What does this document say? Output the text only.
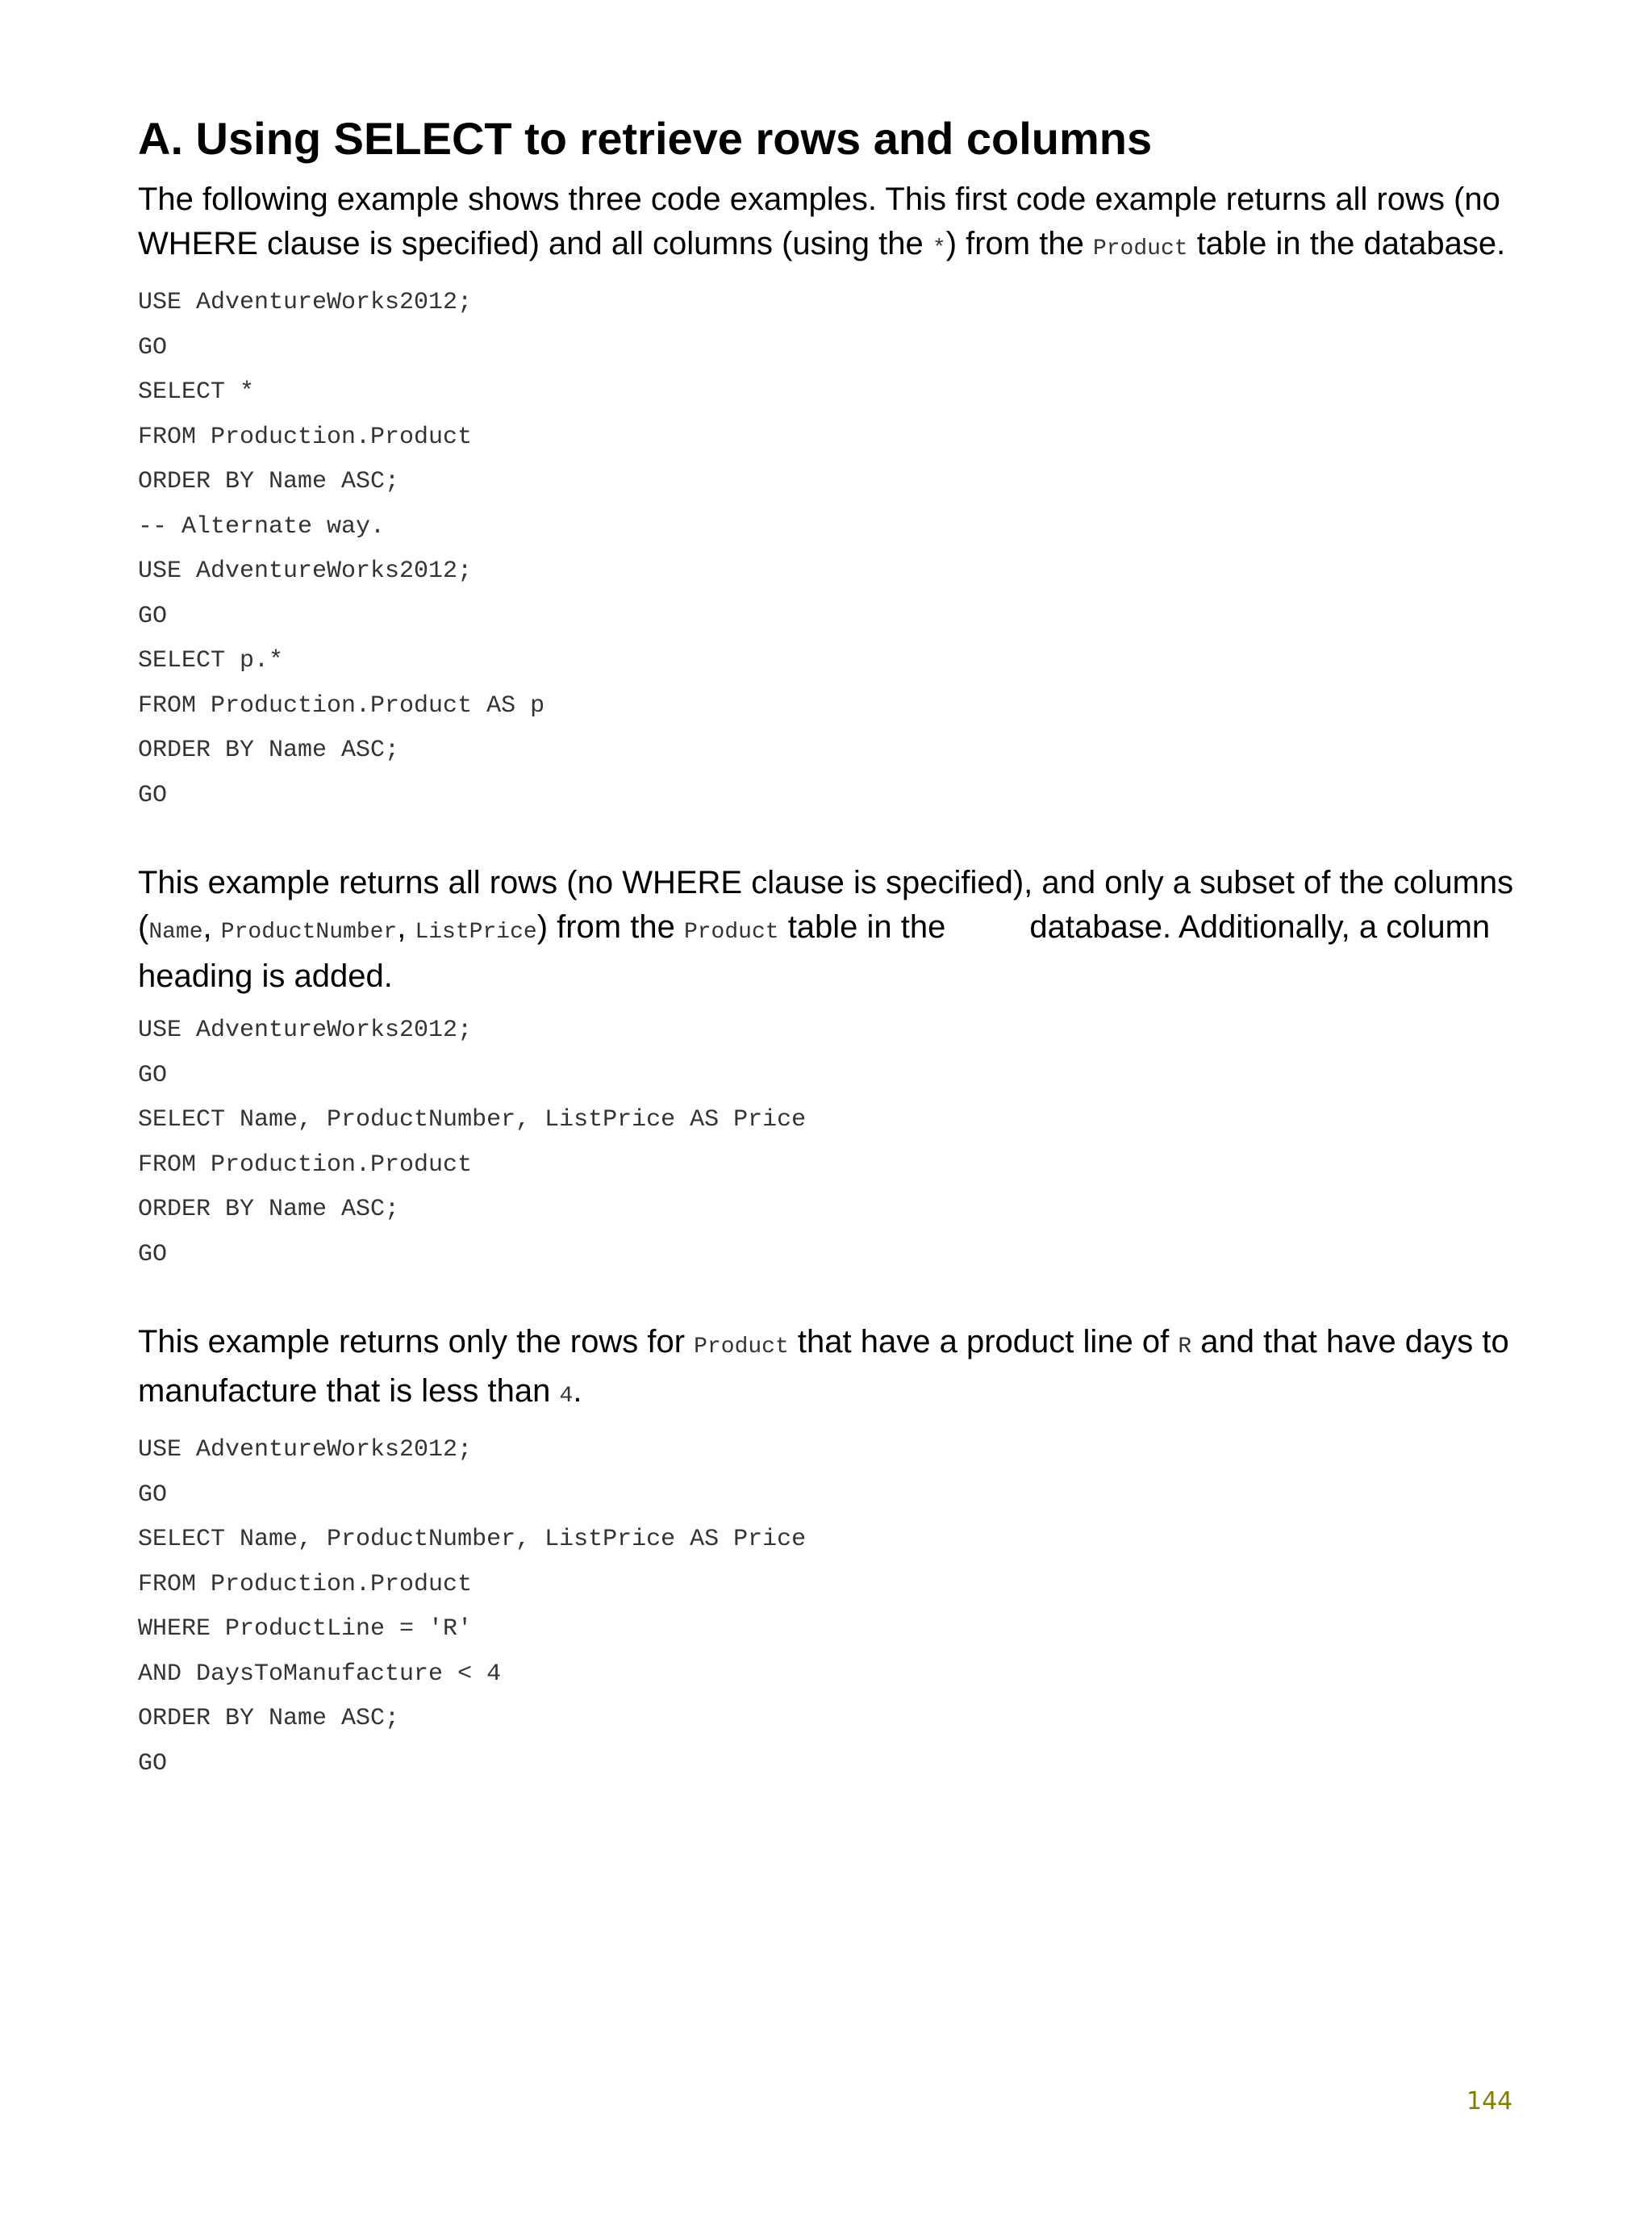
A. Using SELECT to retrieve rows and columns

The following example shows three code examples. This first code example returns all rows (no WHERE clause is specified) and all columns (using the *) from the Product table in the database.

USE AdventureWorks2012;
GO
SELECT *
FROM Production.Product
ORDER BY Name ASC;
-- Alternate way.
USE AdventureWorks2012;
GO
SELECT p.*
FROM Production.Product AS p
ORDER BY Name ASC;
GO

This example returns all rows (no WHERE clause is specified), and only a subset of the columns (Name, ProductNumber, ListPrice) from the Product table in the	database. Additionally, a column heading is added.

USE AdventureWorks2012;
GO
SELECT Name, ProductNumber, ListPrice AS Price
FROM Production.Product
ORDER BY Name ASC;
GO

This example returns only the rows for Product that have a product line of R and that have days to manufacture that is less than 4.

USE AdventureWorks2012;
GO
SELECT Name, ProductNumber, ListPrice AS Price
FROM Production.Product
WHERE ProductLine = 'R'
AND DaysToManufacture < 4
ORDER BY Name ASC;
GO
144
